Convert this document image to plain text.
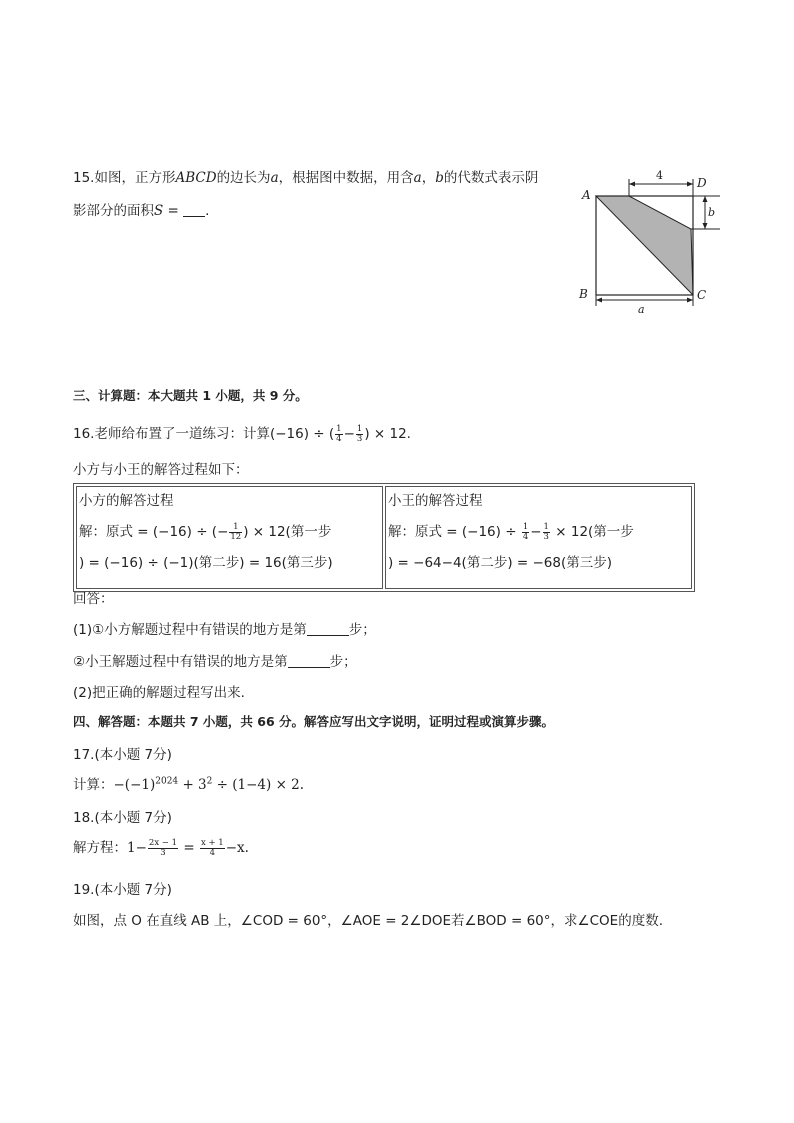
15.如图，正方形ABCD的边长为a，根据图中数据，用含a，b的代数式表示阴
影部分的面积S = .
4
b
a
A
D
B	C
三、计算题：本大题共 1 小题，共 9 分。
16.老师给布置了一道练习：计算(−16) ÷ ( $\frac{1}{4} - \frac{1}{3}$ ) × 12.
小方与小王的解答过程如下：
小方的解答过程
解：原式 = (−16) ÷ (− $\frac{1}{12}$ ) × 12(第一步
) = (−16) ÷ (−1)(第二步) = 16(第三步)

小王的解答过程
解：原式 = $(-16) \div \frac{1}{4} - \frac{1}{3} \times 12$(第一步
) = −64−4(第二步) = −68(第三步)
回答：
(1)①小方解题过程中有错误的地方是第	步；
②小王解题过程中有错误的地方是第	步；
(2)把正确的解题过程写出来.
四、解答题：本题共 7 小题，共 66 分。解答应写出文字说明，证明过程或演算步骤。
17.(本小题 7分)
计算：$-(-1)^{2024} + 3^2 \div (1-4) \times 2$.
18.(本小题 7分)
解方程：$1- \frac{2x - 1}{3} = \frac{x + 1}{4} -x$.
19.(本小题 7分)
如图，点 O 在直线 AB 上，∠COD = 60°，∠AOE = 2∠DOE若∠BOD = 60°，求∠COE的度数.
